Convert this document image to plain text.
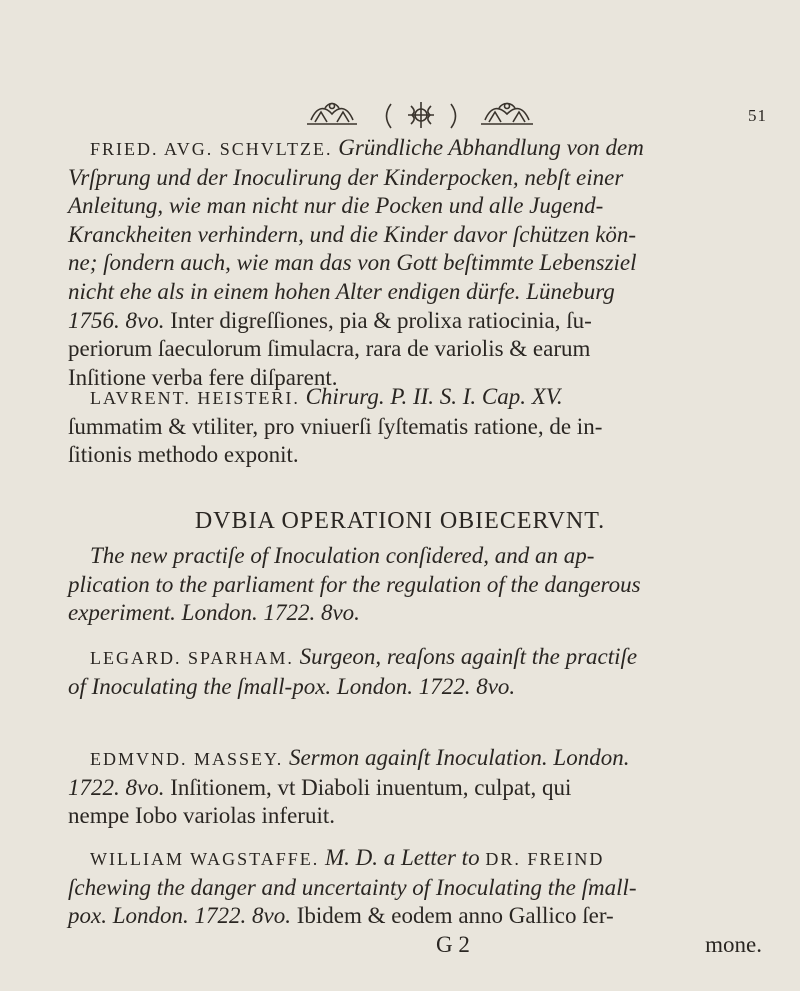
51
FRIED. AVG. SCHVLTZE. Gründliche Abhandlung von dem
Vrſprung und der Inoculirung der Kinderpocken, nebſt einer
Anleitung, wie man nicht nur die Pocken und alle Jugend-
Kranckheiten verhindern, und die Kinder davor ſchützen kön-
ne; ſondern auch, wie man das von Gott beſtimmte Lebensziel
nicht ehe als in einem hohen Alter endigen dürfe. Lüneburg
1756. 8vo. Inter digreſſiones, pia & prolixa ratiocinia, ſu-
periorum ſaeculorum ſimulacra, rara de variolis & earum
Inſitione verba fere diſparent.
LAVRENT. HEISTERI. Chirurg. P. II. S. I. Cap. XV.
ſummatim & vtiliter, pro vniuerſi ſyſtematis ratione, de in-
ſitionis methodo exponit.
DVBIA OPERATIONI OBIECERVNT.
The new practiſe of Inoculation conſidered, and an ap-
plication to the parliament for the regulation of the dangerous
experiment. London. 1722. 8vo.
LEGARD. SPARHAM. Surgeon, reaſons againſt the practiſe
of Inoculating the ſmall-pox. London. 1722. 8vo.
EDMVND. MASSEY. Sermon againſt Inoculation. London.
1722. 8vo. Inſitionem, vt Diaboli inuentum, culpat, qui
nempe Iobo variolas inferuit.
WILLIAM WAGSTAFFE. M. D. a Letter to DR. FREIND
ſchewing the danger and uncertainty of Inoculating the ſmall-
pox. London. 1722. 8vo. Ibidem & eodem anno Gallico ſer-
G 2	mone.
